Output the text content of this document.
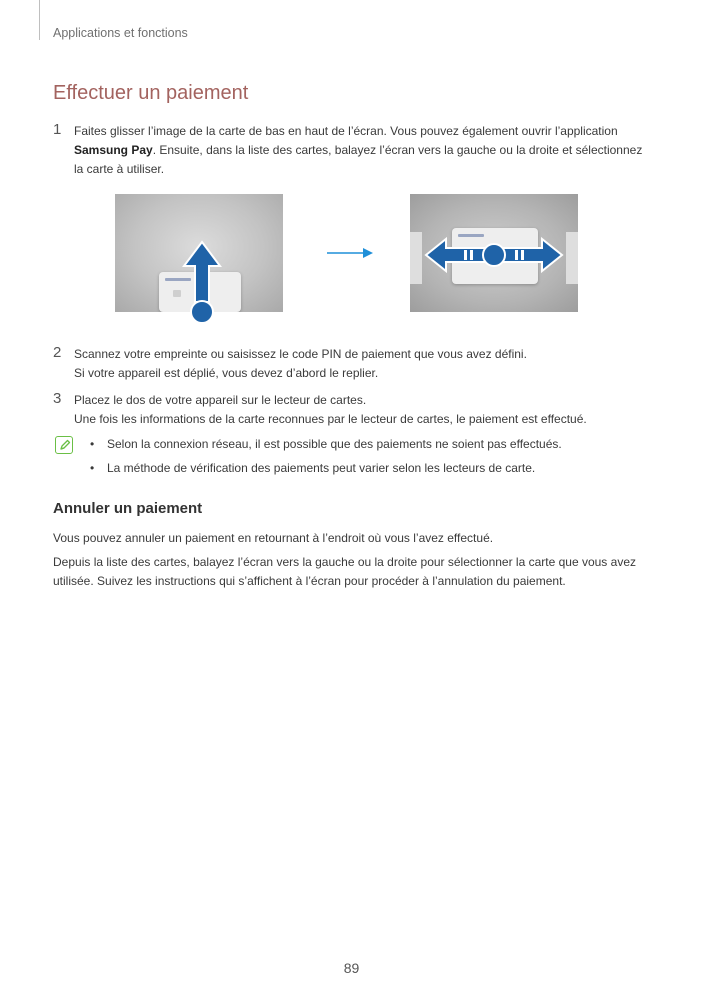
Applications et fonctions
Effectuer un paiement
1 Faites glisser l’image de la carte de bas en haut de l’écran. Vous pouvez également ouvrir l’application
Samsung Pay. Ensuite, dans la liste des cartes, balayez l’écran vers la gauche ou la droite et sélectionnez
la carte à utiliser.
2 Scannez votre empreinte ou saisissez le code PIN de paiement que vous avez défini.
Si votre appareil est déplié, vous devez d’abord le replier.
3 Placez le dos de votre appareil sur le lecteur de cartes.
Une fois les informations de la carte reconnues par le lecteur de cartes, le paiement est effectué.
• Selon la connexion réseau, il est possible que des paiements ne soient pas effectués.
• La méthode de vérification des paiements peut varier selon les lecteurs de carte.
Annuler un paiement

Vous pouvez annuler un paiement en retournant à l’endroit où vous l’avez effectué.

Depuis la liste des cartes, balayez l’écran vers la gauche ou la droite pour sélectionner la carte que vous avez
utilisée. Suivez les instructions qui s’affichent à l’écran pour procéder à l’annulation du paiement.
89
